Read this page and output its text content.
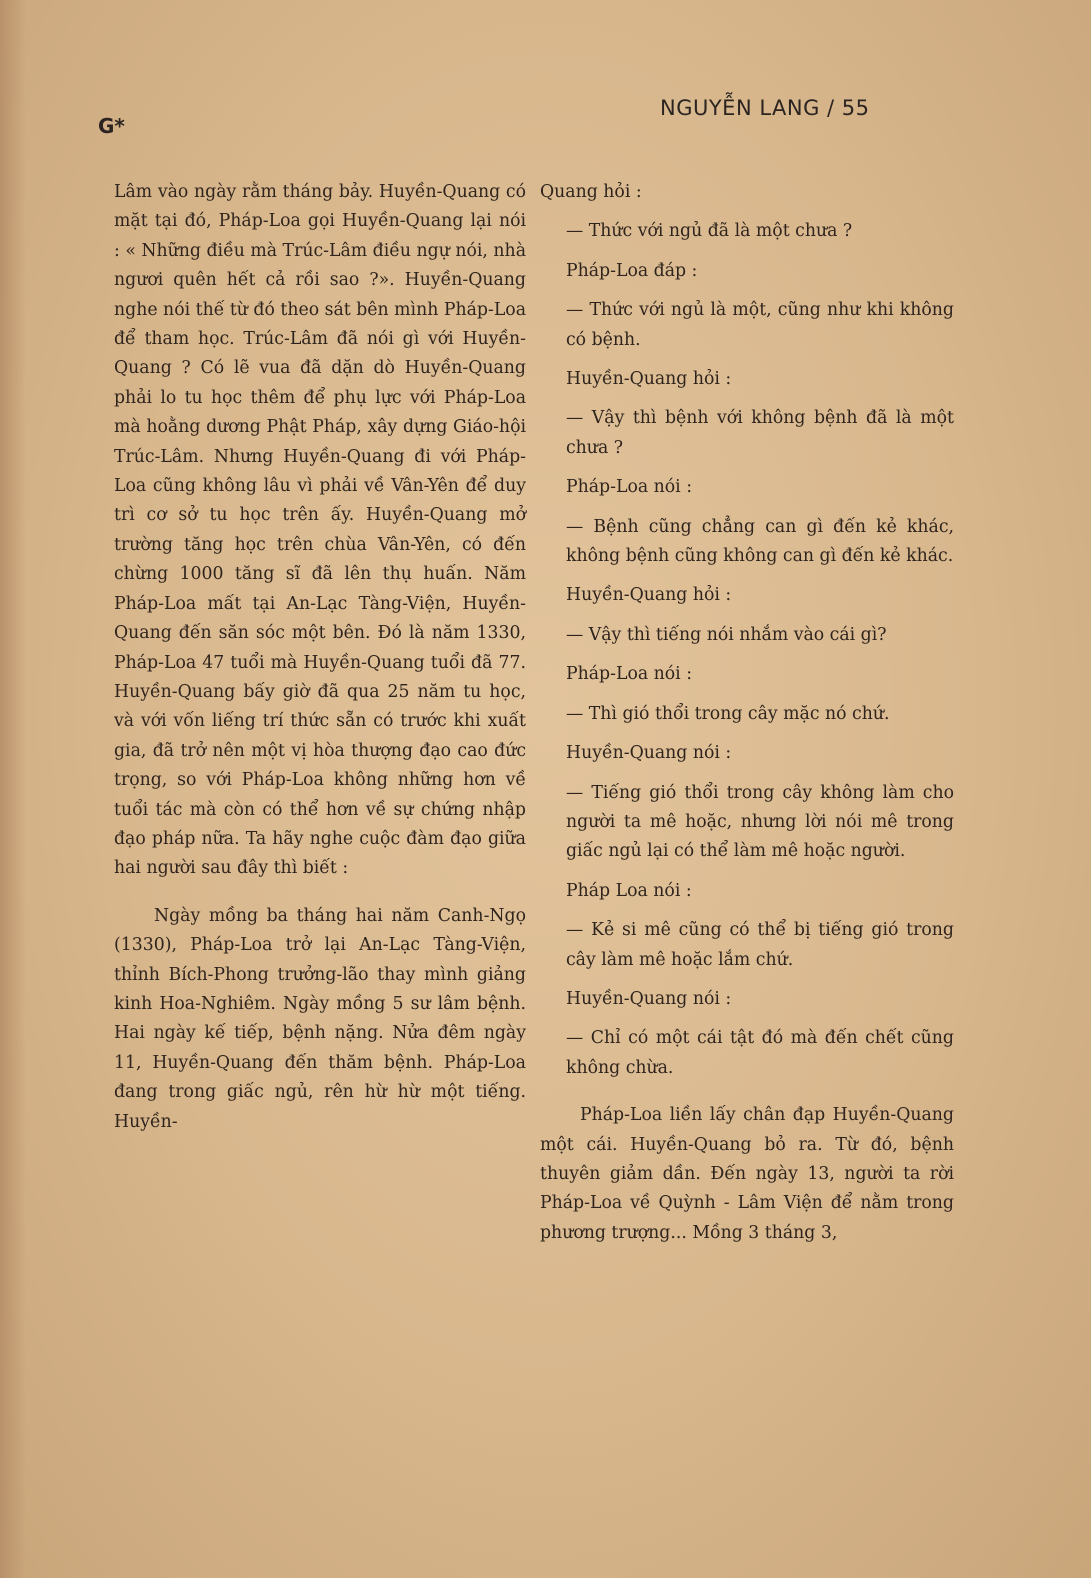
G*
NGUYỄN LANG / 55

Lâm vào ngày rằm tháng bảy. Huyền-Quang có mặt tại đó, Pháp-Loa gọi Huyền-Quang lại nói : « Những điều mà Trúc-Lâm điều ngự nói, nhà ngươi quên hết cả rồi sao ?». Huyền-Quang nghe nói thế từ đó theo sát bên mình Pháp-Loa để tham học. Trúc-Lâm đã nói gì với Huyền-Quang ? Có lẽ vua đã dặn dò Huyền-Quang phải lo tu học thêm để phụ lực với Pháp-Loa mà hoằng dương Phật Pháp, xây dựng Giáo-hội Trúc-Lâm. Nhưng Huyền-Quang đi với Pháp-Loa cũng không lâu vì phải về Vân-Yên để duy trì cơ sở tu học trên ấy. Huyền-Quang mở trường tăng học trên chùa Vân-Yên, có đến chừng 1000 tăng sĩ đã lên thụ huấn. Năm Pháp-Loa mất tại An-Lạc Tàng-Viện, Huyền-Quang đến săn sóc một bên. Đó là năm 1330, Pháp-Loa 47 tuổi mà Huyền-Quang tuổi đã 77. Huyền-Quang bấy giờ đã qua 25 năm tu học, và với vốn liếng trí thức sẵn có trước khi xuất gia, đã trở nên một vị hòa thượng đạo cao đức trọng, so với Pháp-Loa không những hơn về tuổi tác mà còn có thể hơn về sự chứng nhập đạo pháp nữa. Ta hãy nghe cuộc đàm đạo giữa hai người sau đây thì biết :

Ngày mồng ba tháng hai năm Canh-Ngọ (1330), Pháp-Loa trở lại An-Lạc Tàng-Viện, thỉnh Bích-Phong trưởng-lão thay mình giảng kinh Hoa-Nghiêm. Ngày mồng 5 sư lâm bệnh. Hai ngày kế tiếp, bệnh nặng. Nửa đêm ngày 11, Huyền-Quang đến thăm bệnh. Pháp-Loa đang trong giấc ngủ, rên hừ hừ một tiếng. Huyền-

Quang hỏi :

— Thức với ngủ đã là một chưa ?

Pháp-Loa đáp :

— Thức với ngủ là một, cũng như khi không có bệnh.

Huyền-Quang hỏi :

— Vậy thì bệnh với không bệnh đã là một chưa ?

Pháp-Loa nói :

— Bệnh cũng chẳng can gì đến kẻ khác, không bệnh cũng không can gì đến kẻ khác.

Huyền-Quang hỏi :

— Vậy thì tiếng nói nhắm vào cái gì?

Pháp-Loa nói :

— Thì gió thổi trong cây mặc nó chứ.

Huyền-Quang nói :

— Tiếng gió thổi trong cây không làm cho người ta mê hoặc, nhưng lời nói mê trong giấc ngủ lại có thể làm mê hoặc người.

Pháp Loa nói :

— Kẻ si mê cũng có thể bị tiếng gió trong cây làm mê hoặc lắm chứ.

Huyền-Quang nói :

— Chỉ có một cái tật đó mà đến chết cũng không chừa.

Pháp-Loa liền lấy chân đạp Huyền-Quang một cái. Huyền-Quang bỏ ra. Từ đó, bệnh thuyên giảm dần. Đến ngày 13, người ta rời Pháp-Loa về Quỳnh - Lâm Viện để nằm trong phương trượng... Mồng 3 tháng 3,
